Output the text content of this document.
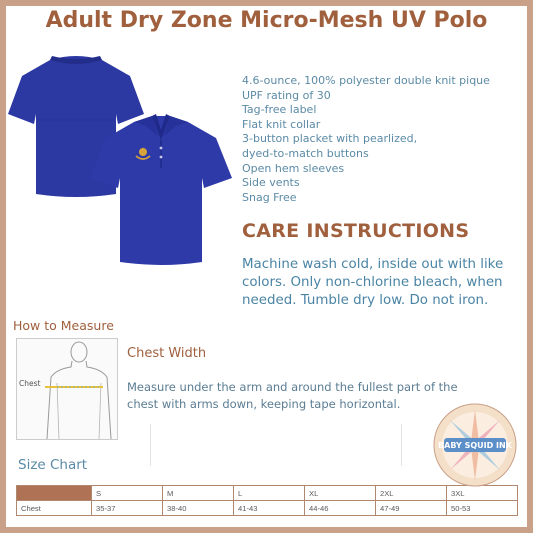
Adult Dry Zone Micro-Mesh UV Polo
···
4.6-ounce, 100% polyester double knit pique
UPF rating of 30
Tag-free label
Flat knit collar
3-button placket with pearlized,
dyed-to-match buttons
Open hem sleeves
Side vents
Snag Free
CARE INSTRUCTIONS
Machine wash cold, inside out with like colors. Only non-chlorine bleach, when needed. Tumble dry low. Do not iron.
How to Measure
Chest
Chest Width
Measure under the arm and around the fullest part of the chest with arms down, keeping tape horizontal.
Size Chart
	S	M	L	XL	2XL	3XL
Chest	35-37	38-40	41-43	44-46	47-49	50-53
BABY SQUID INK
